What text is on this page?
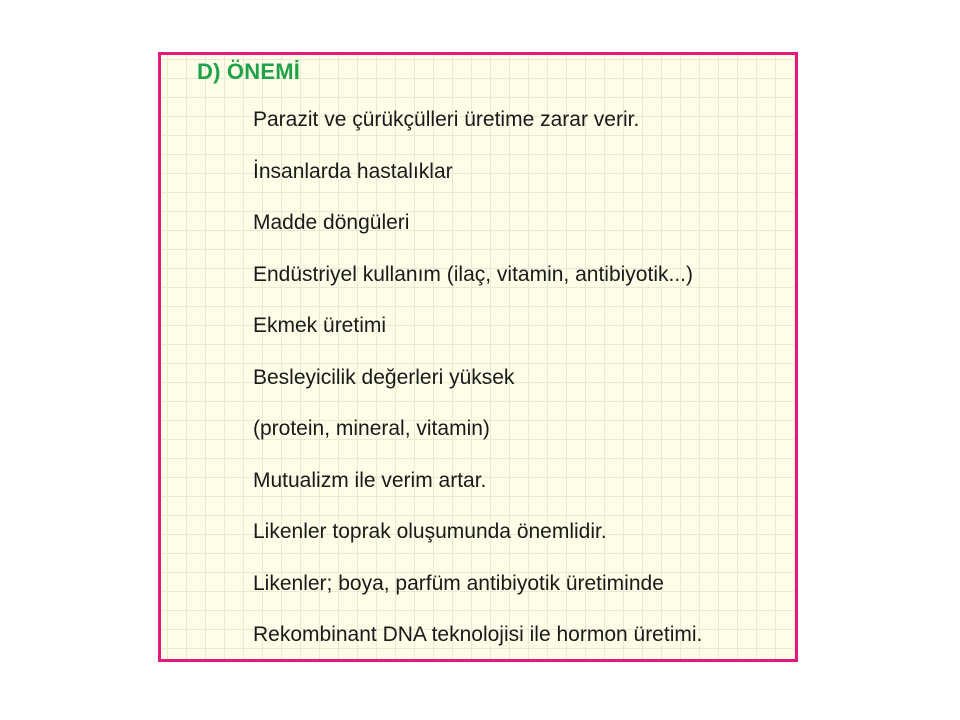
D) ÖNEMİ
Parazit ve çürükçülleri üretime zarar verir.
İnsanlarda hastalıklar
Madde döngüleri
Endüstriyel kullanım (ilaç, vitamin, antibiyotik...)
Ekmek üretimi
Besleyicilik değerleri yüksek
(protein, mineral, vitamin)
Mutualizm ile verim artar.
Likenler toprak oluşumunda önemlidir.
Likenler; boya, parfüm antibiyotik üretiminde
Rekombinant DNA teknolojisi ile hormon üretimi.
